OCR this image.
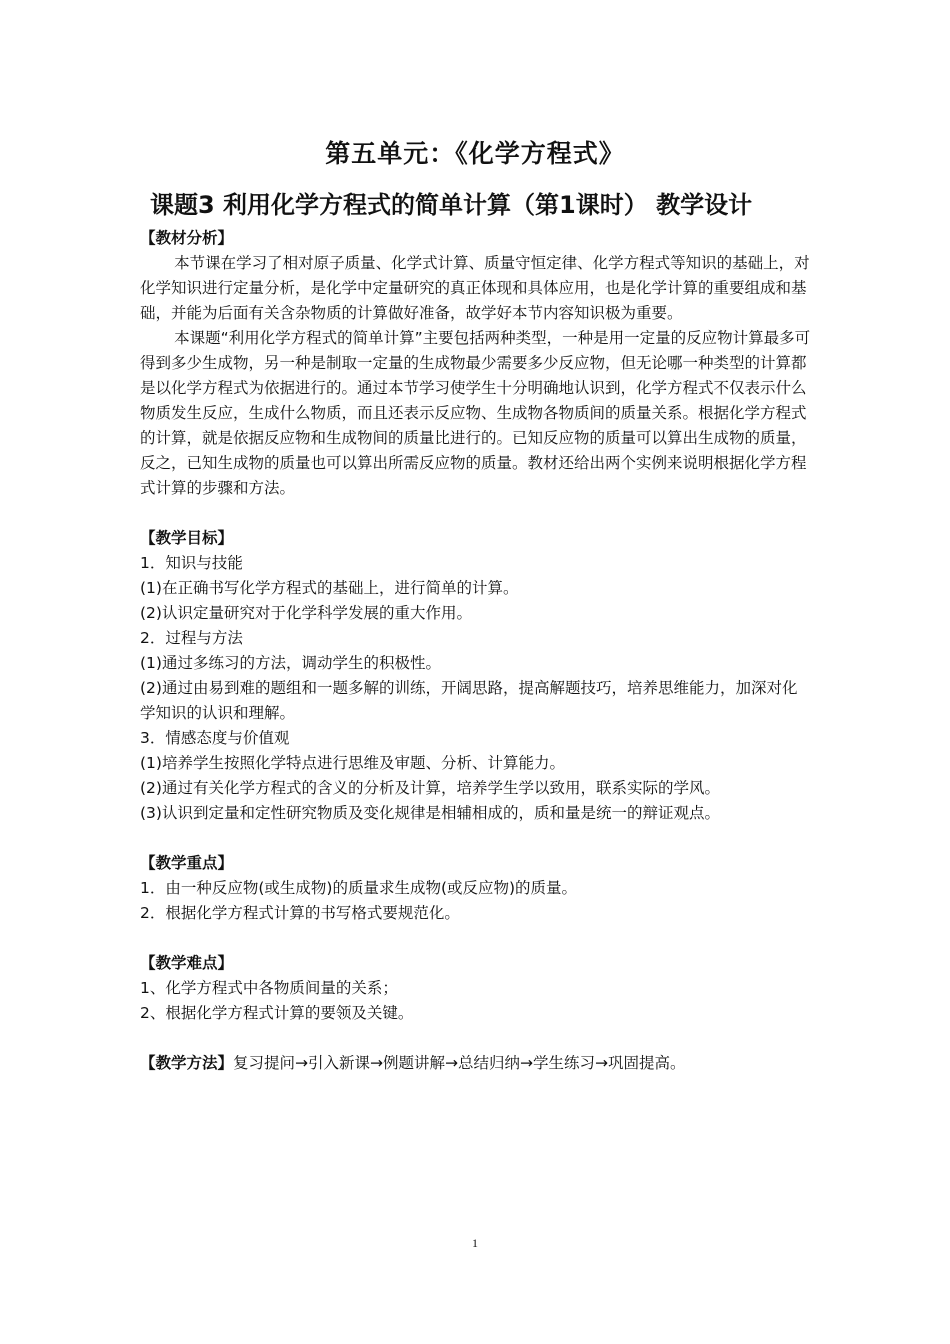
第五单元：《化学方程式》
课题3 利用化学方程式的简单计算（第1课时） 教学设计

【教材分析】

本节课在学习了相对原子质量、化学式计算、质量守恒定律、化学方程式等知识的基础上，对化学知识进行定量分析，是化学中定量研究的真正体现和具体应用，也是化学计算的重要组成和基础，并能为后面有关含杂物质的计算做好准备，故学好本节内容知识极为重要。

本课题“利用化学方程式的简单计算”主要包括两种类型，一种是用一定量的反应物计算最多可得到多少生成物，另一种是制取一定量的生成物最少需要多少反应物，但无论哪一种类型的计算都是以化学方程式为依据进行的。通过本节学习使学生十分明确地认识到，化学方程式不仅表示什么物质发生反应，生成什么物质，而且还表示反应物、生成物各物质间的质量关系。根据化学方程式的计算，就是依据反应物和生成物间的质量比进行的。已知反应物的质量可以算出生成物的质量，反之，已知生成物的质量也可以算出所需反应物的质量。教材还给出两个实例来说明根据化学方程式计算的步骤和方法。

【教学目标】

1．知识与技能

(1)在正确书写化学方程式的基础上，进行简单的计算。

(2)认识定量研究对于化学科学发展的重大作用。

2．过程与方法

(1)通过多练习的方法，调动学生的积极性。

(2)通过由易到难的题组和一题多解的训练，开阔思路，提高解题技巧，培养思维能力，加深对化学知识的认识和理解。

3．情感态度与价值观

(1)培养学生按照化学特点进行思维及审题、分析、计算能力。

(2)通过有关化学方程式的含义的分析及计算，培养学生学以致用，联系实际的学风。

(3)认识到定量和定性研究物质及变化规律是相辅相成的，质和量是统一的辩证观点。

【教学重点】

1．由一种反应物(或生成物)的质量求生成物(或反应物)的质量。

2．根据化学方程式计算的书写格式要规范化。

【教学难点】

1、化学方程式中各物质间量的关系；

2、根据化学方程式计算的要领及关键。

【教学方法】复习提问→引入新课→例题讲解→总结归纳→学生练习→巩固提高。

1
